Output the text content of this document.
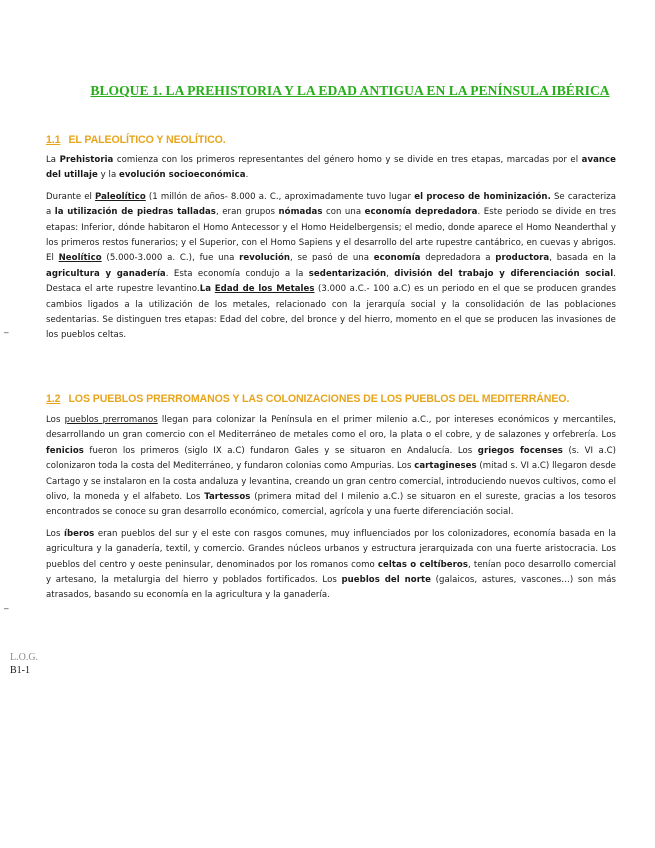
BLOQUE 1. LA PREHISTORIA Y LA EDAD ANTIGUA EN LA PENÍNSULA IBÉRICA
1.1 EL PALEOLÍTICO Y NEOLÍTICO.

La Prehistoria comienza con los primeros representantes del género homo y se divide en tres etapas, marcadas por el avance del utillaje y la evolución socioeconómica.

Durante el Paleolítico (1 millón de años- 8.000 a. C., aproximadamente tuvo lugar el proceso de hominización. Se caracteriza a la utilización de piedras talladas, eran grupos nómadas con una economía depredadora. Este periodo se divide en tres etapas: Inferior, dónde habitaron el Homo Antecessor y el Homo Heidelbergensis; el medio, donde aparece el Homo Neanderthal y los primeros restos funerarios; y el Superior, con el Homo Sapiens y el desarrollo del arte rupestre cantábrico, en cuevas y abrigos. El Neolítico (5.000-3.000 a. C.), fue una revolución, se pasó de una economía depredadora a productora, basada en la agricultura y ganadería. Esta economía condujo a la sedentarización, división del trabajo y diferenciación social. Destaca el arte rupestre levantino.La Edad de los Metales (3.000 a.C.- 100 a.C) es un periodo en el que se producen grandes cambios ligados a la utilización de los metales, relacionado con la jerarquía social y la consolidación de las poblaciones sedentarias. Se distinguen tres etapas: Edad del cobre, del bronce y del hierro, momento en el que se producen las invasiones de los pueblos celtas.

_
1.2 LOS PUEBLOS PRERROMANOS Y LAS COLONIZACIONES DE LOS PUEBLOS DEL MEDITERRÁNEO.

Los pueblos prerromanos llegan para colonizar la Península en el primer milenio a.C., por intereses económicos y mercantiles, desarrollando un gran comercio con el Mediterráneo de metales como el oro, la plata o el cobre, y de salazones y orfebrería. Los fenicios fueron los primeros (siglo IX a.C) fundaron Gales y se situaron en Andalucía. Los griegos focenses (s. VI a.C) colonizaron toda la costa del Mediterráneo, y fundaron colonias como Ampurias. Los cartagineses (mitad s. VI a.C) llegaron desde Cartago y se instalaron en la costa andaluza y levantina, creando un gran centro comercial, introduciendo nuevos cultivos, como el olivo, la moneda y el alfabeto. Los Tartessos (primera mitad del I milenio a.C.) se situaron en el sureste, gracias a los tesoros encontrados se conoce su gran desarrollo económico, comercial, agrícola y una fuerte diferenciación social.

Los íberos eran pueblos del sur y el este con rasgos comunes, muy influenciados por los colonizadores, economía basada en la agricultura y la ganadería, textil, y comercio. Grandes núcleos urbanos y estructura jerarquizada con una fuerte aristocracia. Los pueblos del centro y oeste peninsular, denominados por los romanos como celtas o celtíberos, tenían poco desarrollo comercial y artesano, la metalurgia del hierro y poblados fortificados. Los pueblos del norte (galaicos, astures, vascones…) son más atrasados, basando su economía en la agricultura y la ganadería.

_
L.O.G.
B1-1
